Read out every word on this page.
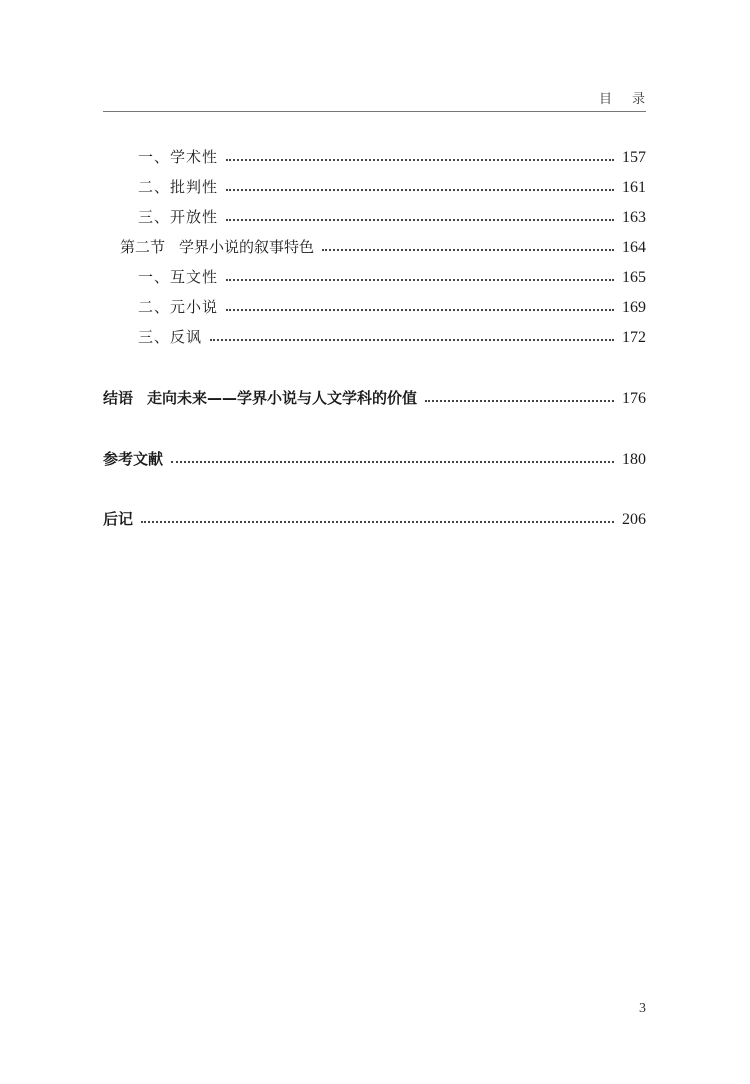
目 录
一、学术性	157
二、批判性	161
三、开放性	163
第二节 学界小说的叙事特色	164
一、互文性	165
二、元小说	169
三、反讽	172
结语 走向未来——学界小说与人文学科的价值	176
参考文献	180
后记	206
3
